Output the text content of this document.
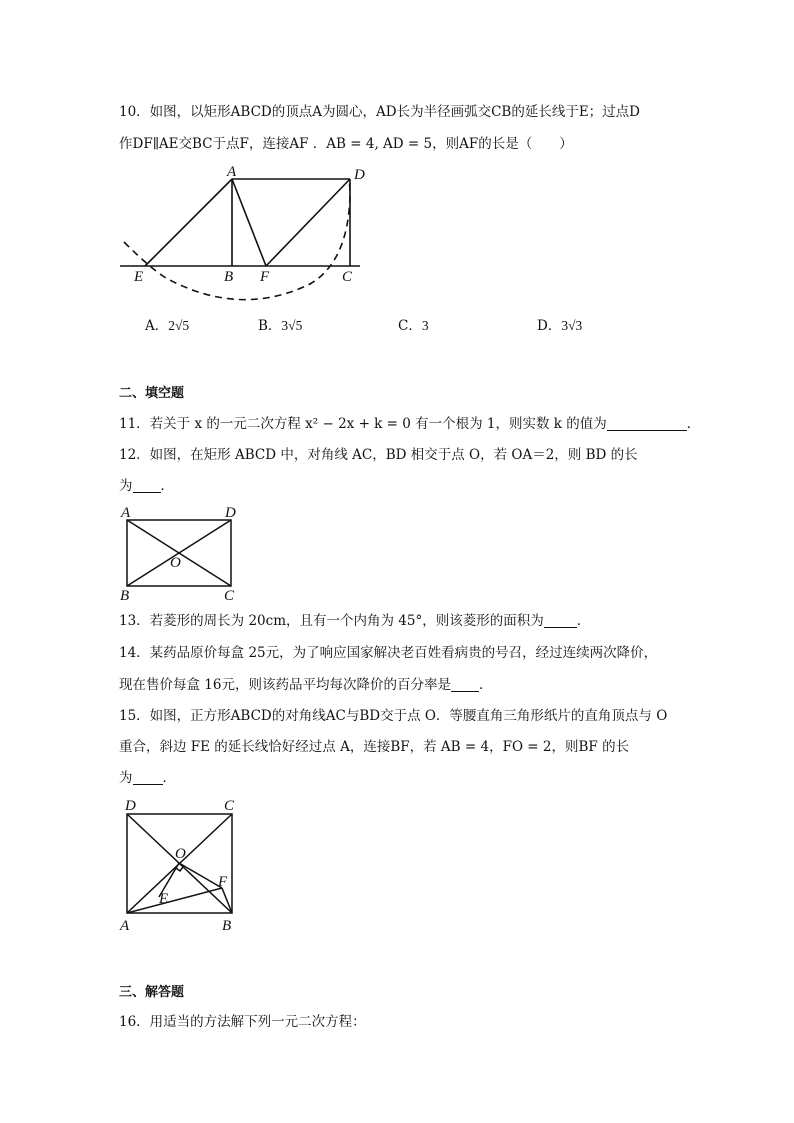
10．如图，以矩形ABCD的顶点A为圆心，AD长为半径画弧交CB的延长线于E；过点D
作DF∥AE交BC于点F，连接AF ．AB = 4, AD = 5，则AF的长是（　　）
A	D
E	B F	C
A．2√5	B．3√5	C．3	D．3√3
二、填空题
11．若关于 x 的一元二次方程 x² − 2x + k = 0 有一个根为 1，则实数 k 的值为	．
12．如图，在矩形 ABCD 中，对角线 AC，BD 相交于点 O，若 OA＝2，则 BD 的长
为 ．
A	D
O
B	C
13．若菱形的周长为 20cm，且有一个内角为 45°，则该菱形的面积为 ．
14．某药品原价每盒 25元，为了响应国家解决老百姓看病贵的号召，经过连续两次降价，
现在售价每盒 16元，则该药品平均每次降价的百分率是 ．
15．如图，正方形ABCD的对角线AC与BD交于点 O．等腰直角三角形纸片的直角顶点与 O
重合，斜边 FE 的延长线恰好经过点 A，连接BF，若 AB = 4，FO = 2，则BF 的长
为 ．
D	C
O
F
E
A	B
三、解答题
16．用适当的方法解下列一元二次方程：
